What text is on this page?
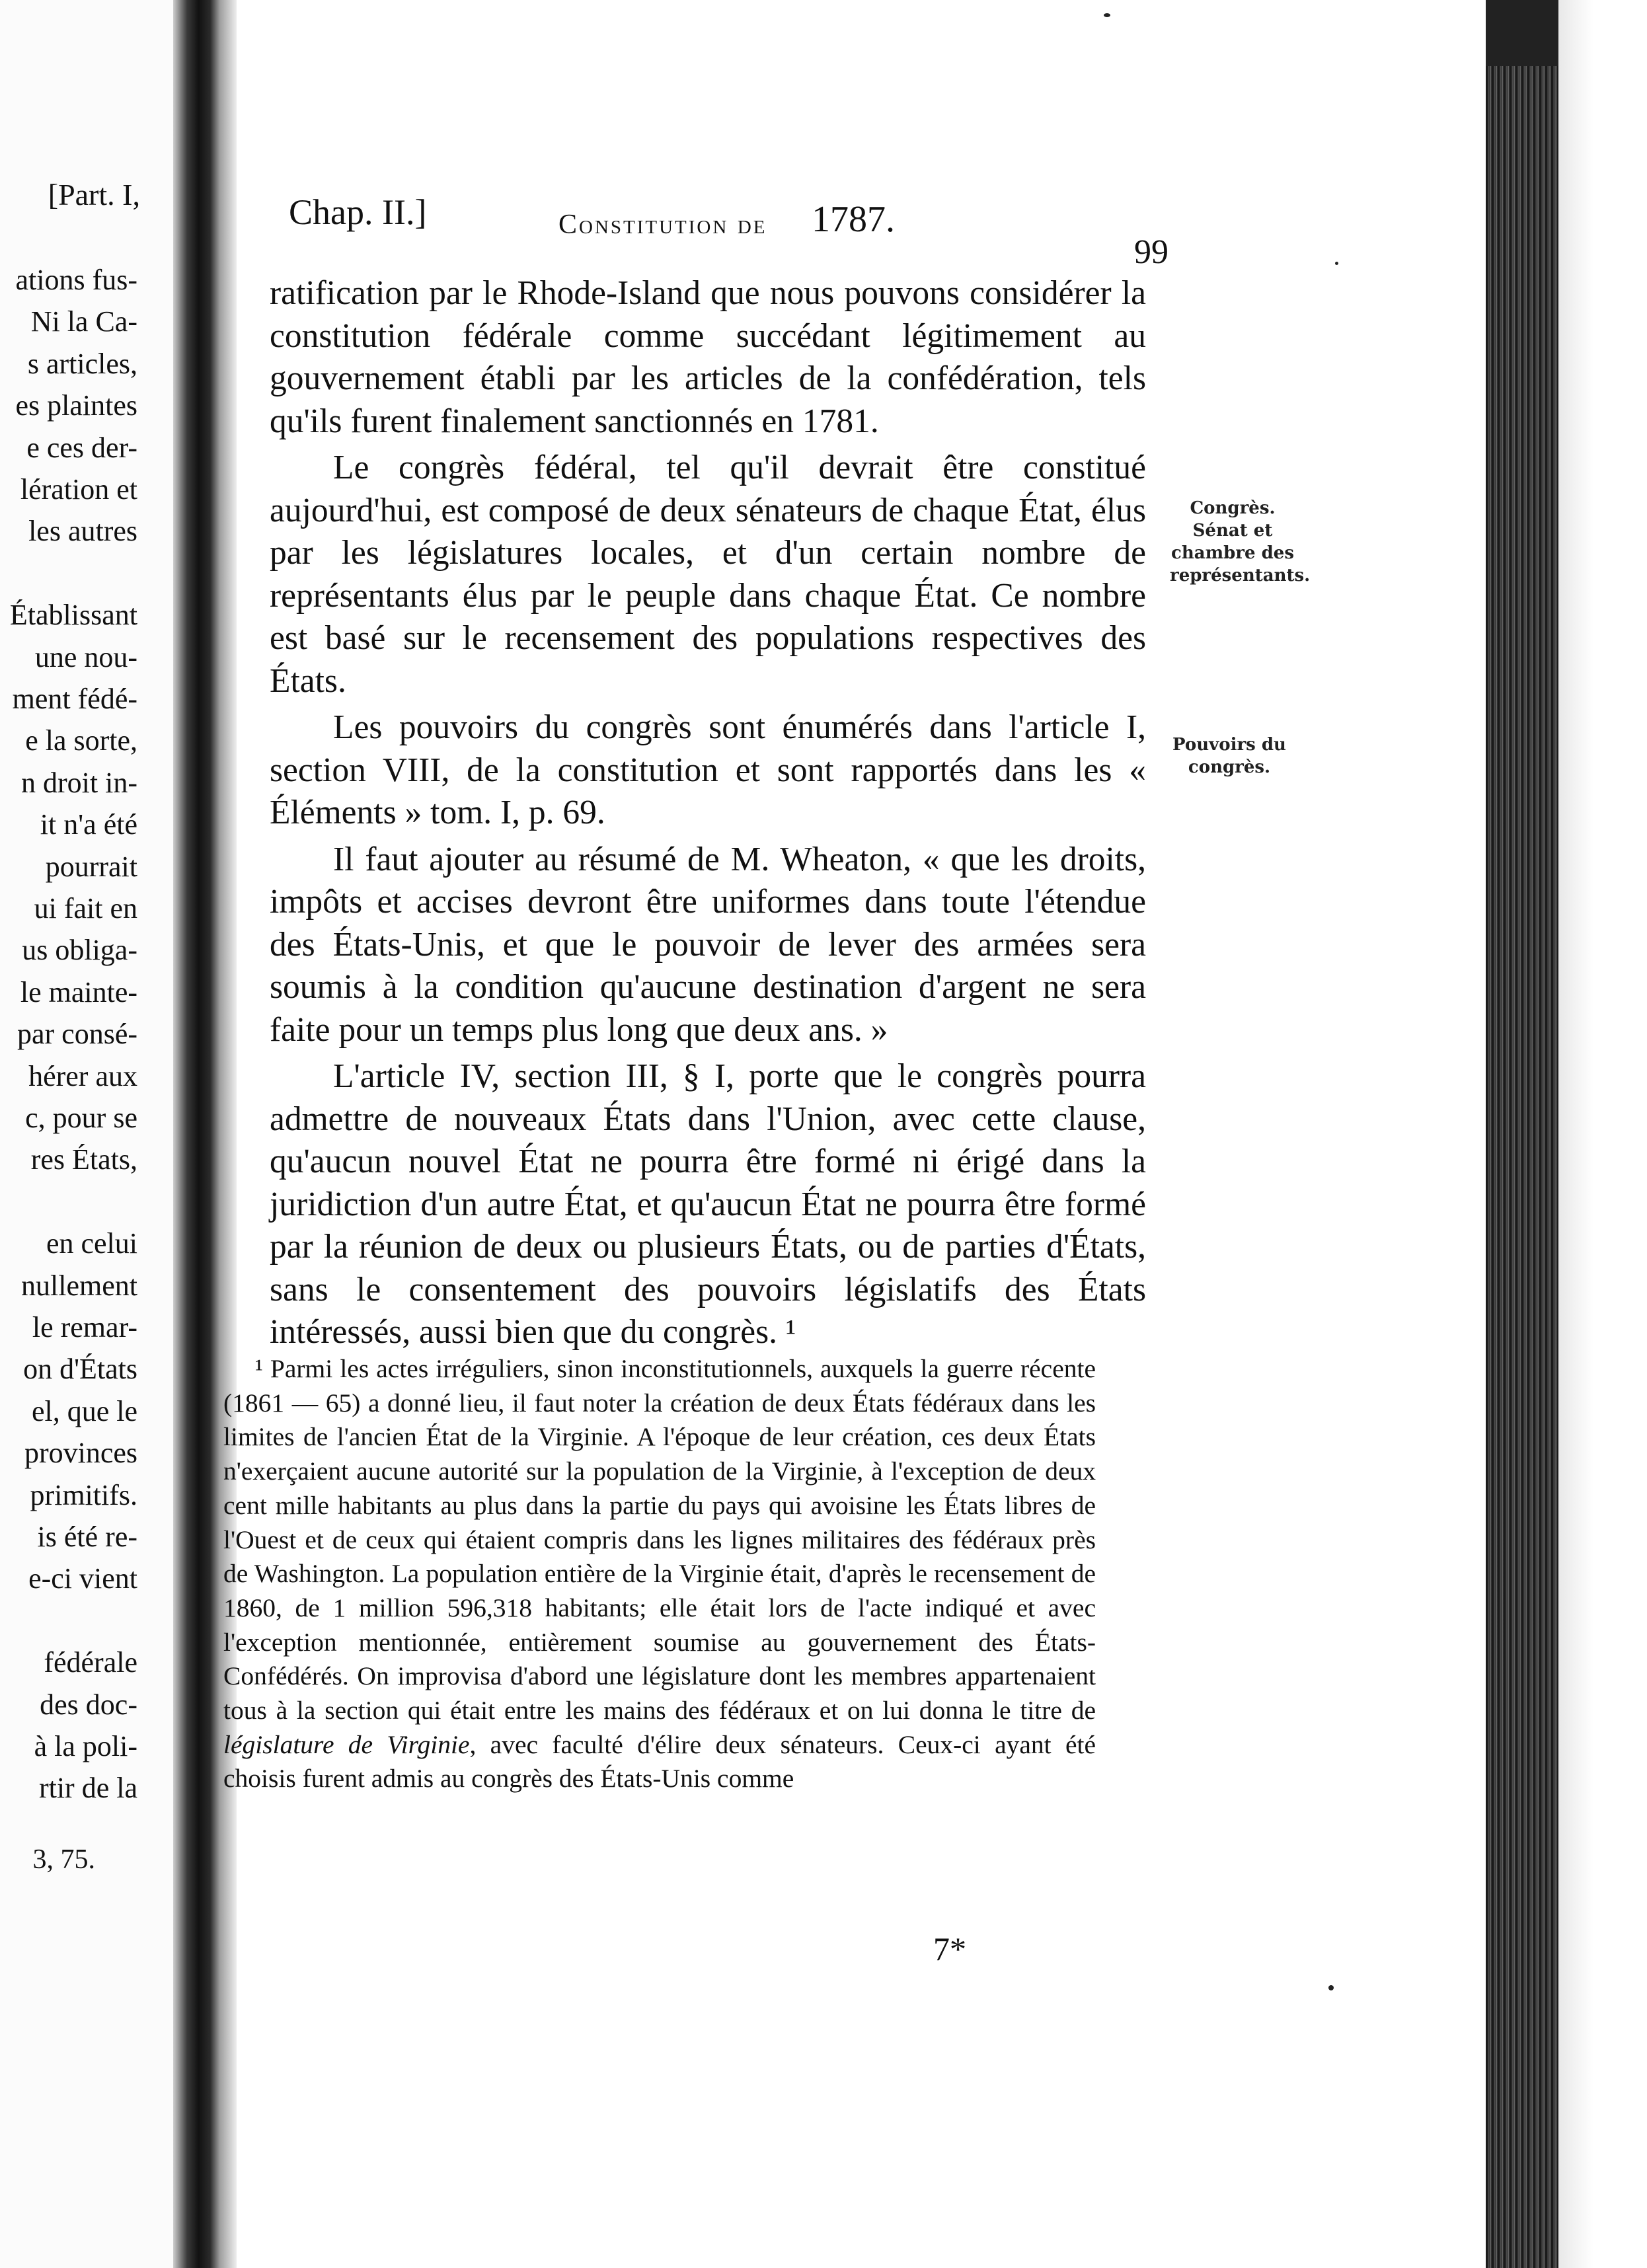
[Part. I,
ations fus-
Ni la Ca-
s articles,
es plaintes
e ces der-
lération et
les autres
Établissant
une nou-
ment fédé-
e la sorte,
n droit in-
it n'a été
pourrait
ui fait en
us obliga-
le mainte-
par consé-
hérer aux
c, pour se
res États,
en celui
nullement
le remar-
on d'États
el, que le
provinces
primitifs.
is été re-
e-ci vient
fédérale
des doc-
à la poli-
rtir de la
3, 75.
Chap. II.]	Constitution de 1787.
99

ratification par le Rhode-Island que nous pouvons considérer la constitution fédérale comme succédant légitimement au gouvernement établi par les articles de la confédération, tels qu'ils furent finalement sanctionnés en 1781.

Le congrès fédéral, tel qu'il devrait être constitué aujourd'hui, est composé de deux sénateurs de chaque État, élus par les législatures locales, et d'un certain nombre de représentants élus par le peuple dans chaque État. Ce nombre est basé sur le recensement des populations respectives des États.

Les pouvoirs du congrès sont énumérés dans l'article I, section VIII, de la constitution et sont rapportés dans les « Éléments » tom. I, p. 69.

Il faut ajouter au résumé de M. Wheaton, « que les droits, impôts et accises devront être uniformes dans toute l'étendue des États-Unis, et que le pouvoir de lever des armées sera soumis à la condition qu'aucune destination d'argent ne sera faite pour un temps plus long que deux ans. »

L'article IV, section III, § I, porte que le congrès pourra admettre de nouveaux États dans l'Union, avec cette clause, qu'aucun nouvel État ne pourra être formé ni érigé dans la juridiction d'un autre État, et qu'aucun État ne pourra être formé par la réunion de deux ou plusieurs États, ou de parties d'États, sans le consentement des pouvoirs législatifs des États intéressés, aussi bien que du congrès. ¹

Congrès. Sénat et chambre des représentants.
Pouvoirs du congrès.

¹ Parmi les actes irréguliers, sinon inconstitutionnels, auxquels la guerre récente (1861 — 65) a donné lieu, il faut noter la création de deux États fédéraux dans les limites de l'ancien État de la Virginie. A l'époque de leur création, ces deux États n'exerçaient aucune autorité sur la population de la Virginie, à l'exception de deux cent mille habitants au plus dans la partie du pays qui avoisine les États libres de l'Ouest et de ceux qui étaient compris dans les lignes militaires des fédéraux près de Washington. La population entière de la Virginie était, d'après le recensement de 1860, de 1 million 596,318 habitants; elle était lors de l'acte indiqué et avec l'exception mentionnée, entièrement soumise au gouvernement des États-Confédérés. On improvisa d'abord une législature dont les membres appartenaient tous à la section qui était entre les mains des fédéraux et on lui donna le titre de législature de Virginie, avec faculté d'élire deux sénateurs. Ceux-ci ayant été choisis furent admis au congrès des États-Unis comme

7*
